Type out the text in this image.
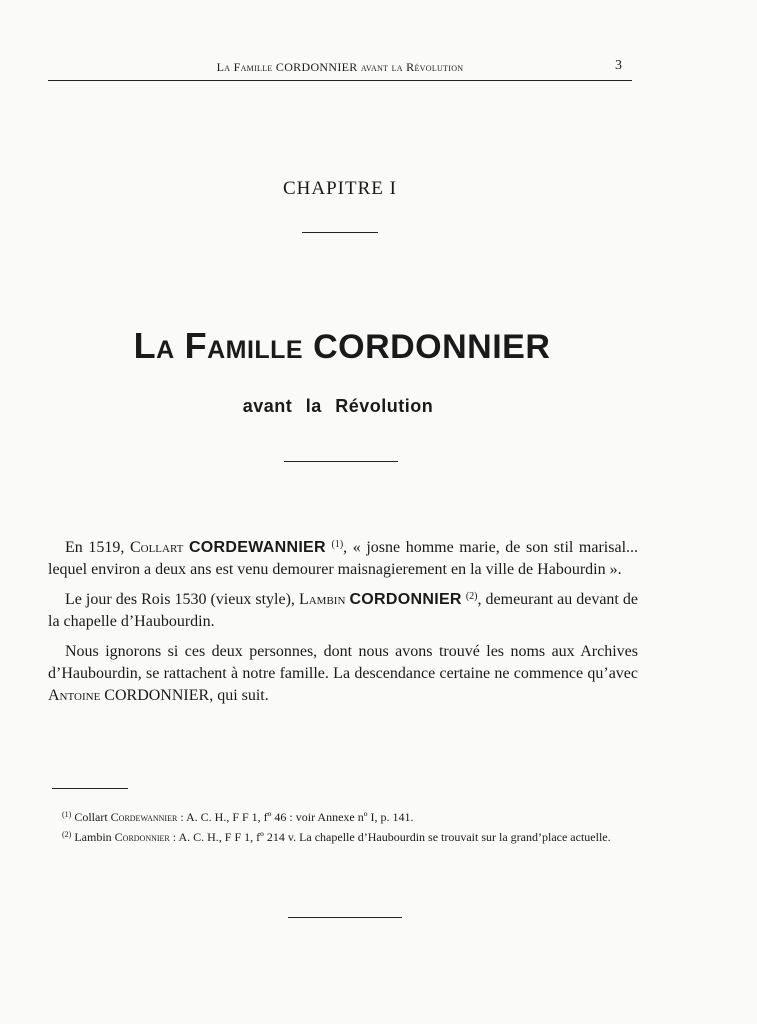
La Famille CORDONNIER avant la Révolution	3
CHAPITRE I
La Famille CORDONNIER
avant la Révolution

En 1519, Collart CORDEWANNIER $^{(1)}$, « josne homme marie, de son stil marisal... lequel environ a deux ans est venu demourer maisnagierement en la ville de Habourdin ».

Le jour des Rois 1530 (vieux style), Lambin CORDONNIER $^{(2)}$, demeurant au devant de la chapelle d’Haubourdin.

Nous ignorons si ces deux personnes, dont nous avons trouvé les noms aux Archives d’Haubourdin, se rattachent à notre famille. La descendance certaine ne commence qu’avec Antoine CORDONNIER, qui suit.

$^{(1)}$ Collart Cordewannier : A. C. H., F F 1, fº 46 : voir Annexe nº I, p. 141.

$^{(2)}$ Lambin Cordonnier : A. C. H., F F 1, fº 214 v. La chapelle d’Haubourdin se trouvait sur la grand’place actuelle.
